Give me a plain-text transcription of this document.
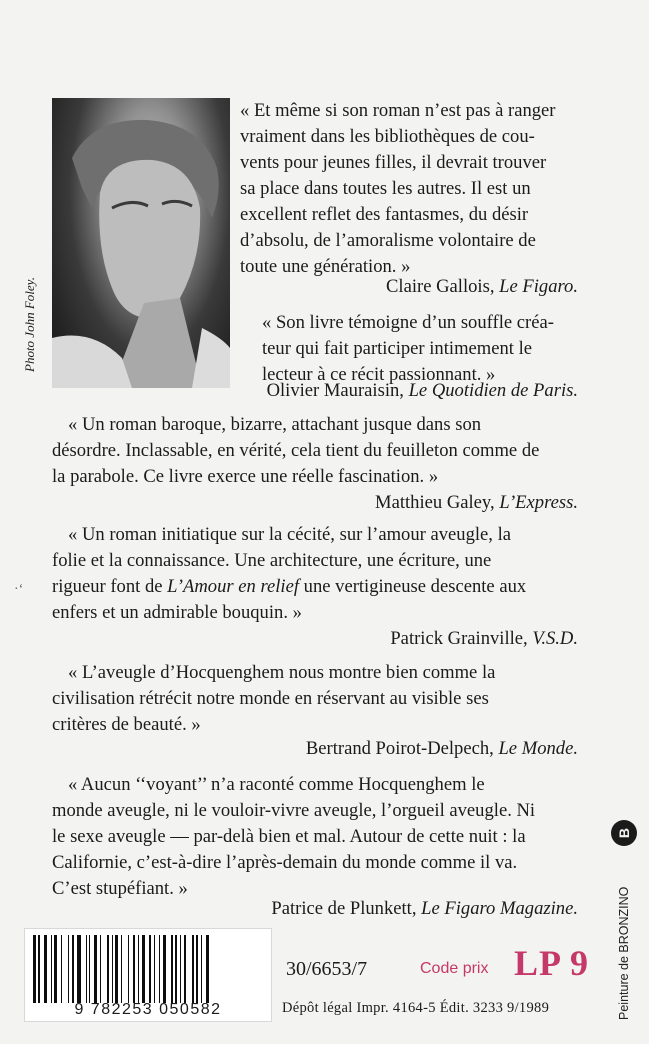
Photo John Foley.
« Et même si son roman n’est pas à ranger
vraiment dans les bibliothèques de cou-
vents pour jeunes filles, il devrait trouver
sa place dans toutes les autres. Il est un
excellent reflet des fantasmes, du désir
d’absolu, de l’amoralisme volontaire de
toute une génération. »
Claire Gallois, Le Figaro.
« Son livre témoigne d’un souffle créa-
teur qui fait participer intimement le
lecteur à ce récit passionnant. »
Olivier Mauraisin, Le Quotidien de Paris.
« Un roman baroque, bizarre, attachant jusque dans son
désordre. Inclassable, en vérité, cela tient du feuilleton comme de
la parabole. Ce livre exerce une réelle fascination. »
Matthieu Galey, L’Express.
« Un roman initiatique sur la cécité, sur l’amour aveugle, la
folie et la connaissance. Une architecture, une écriture, une
rigueur font de L’Amour en relief une vertigineuse descente aux
enfers et un admirable bouquin. »
Patrick Grainville, V.S.D.
« L’aveugle d’Hocquenghem nous montre bien comme la
civilisation rétrécit notre monde en réservant au visible ses
critères de beauté. »
Bertrand Poirot-Delpech, Le Monde.
« Aucun ‘‘voyant’’ n’a raconté comme Hocquenghem le
monde aveugle, ni le vouloir-vivre aveugle, l’orgueil aveugle. Ni
le sexe aveugle — par-delà bien et mal. Autour de cette nuit : la
Californie, c’est-à-dire l’après-demain du monde comme il va.
C’est stupéfiant. »
Patrice de Plunkett, Le Figaro Magazine.
·‘
B
Peinture de BRONZINO
9 782253 050582
30/6653/7	Code prix LP 9
Dépôt légal Impr. 4164-5 Édit. 3233 9/1989
